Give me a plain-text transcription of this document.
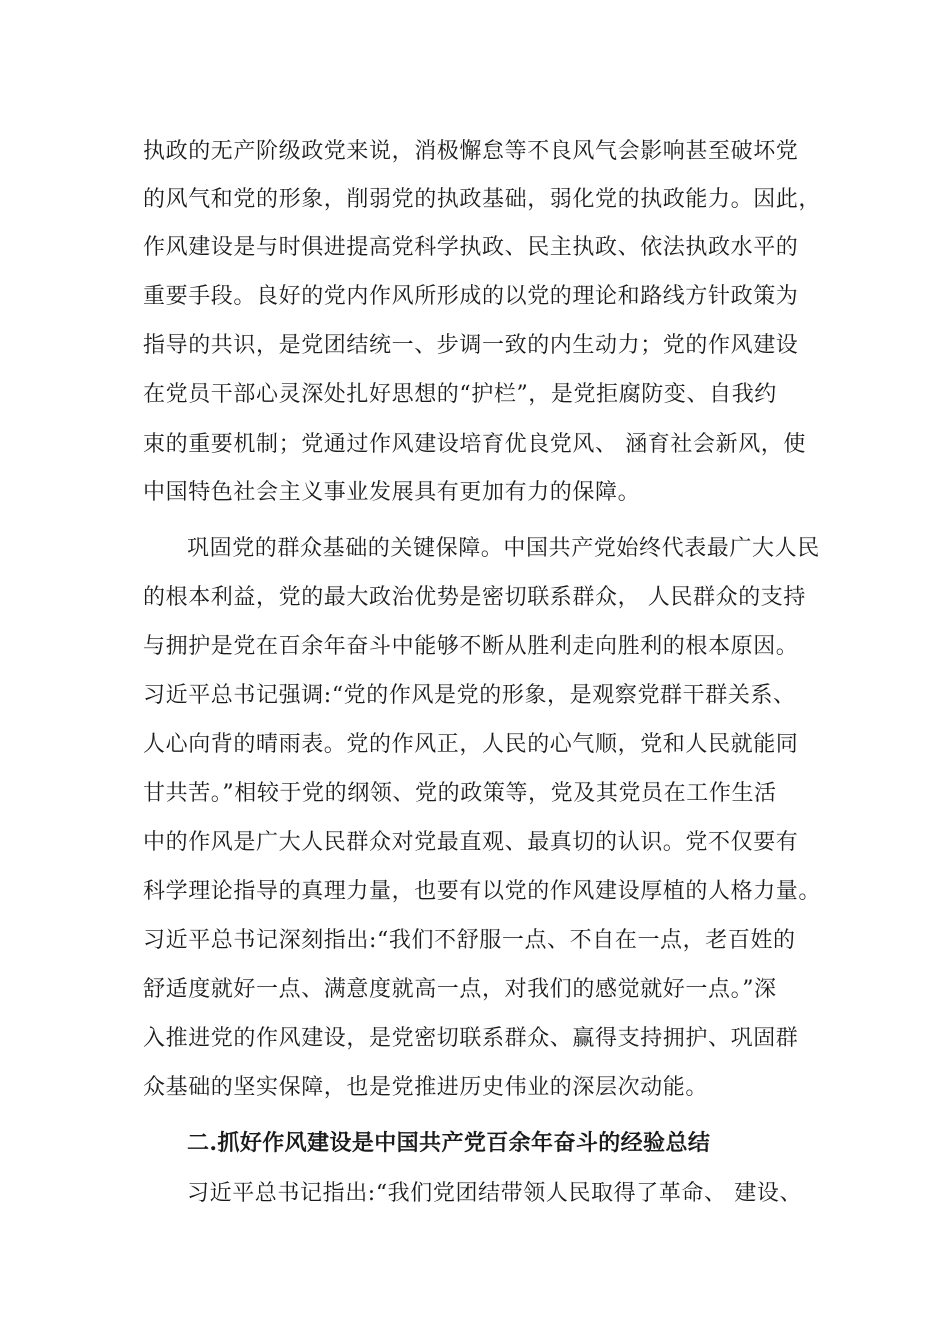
执政的无产阶级政党来说，消极懈怠等不良风气会影响甚至破坏党
的风气和党的形象，削弱党的执政基础，弱化党的执政能力。因此，
作风建设是与时俱进提高党科学执政、民主执政、依法执政水平的
重要手段。良好的党内作风所形成的以党的理论和路线方针政策为
指导的共识，是党团结统一、步调一致的内生动力；党的作风建设
在党员干部心灵深处扎好思想的“护栏”，是党拒腐防变、自我约
束的重要机制；党通过作风建设培育优良党风、 涵育社会新风，使
中国特色社会主义事业发展具有更加有力的保障。
巩固党的群众基础的关键保障。中国共产党始终代表最广大人民
的根本利益，党的最大政治优势是密切联系群众， 人民群众的支持
与拥护是党在百余年奋斗中能够不断从胜利走向胜利的根本原因。
习近平总书记强调:“党的作风是党的形象，是观察党群干群关系、
人心向背的晴雨表。党的作风正，人民的心气顺，党和人民就能同
甘共苦。”相较于党的纲领、党的政策等，党及其党员在工作生活
中的作风是广大人民群众对党最直观、最真切的认识。党不仅要有
科学理论指导的真理力量，也要有以党的作风建设厚植的人格力量。
习近平总书记深刻指出:“我们不舒服一点、不自在一点，老百姓的
舒适度就好一点、满意度就高一点，对我们的感觉就好一点。”深
入推进党的作风建设，是党密切联系群众、赢得支持拥护、巩固群
众基础的坚实保障，也是党推进历史伟业的深层次动能。
二.抓好作风建设是中国共产党百余年奋斗的经验总结
习近平总书记指出:“我们党团结带领人民取得了革命、 建设、
